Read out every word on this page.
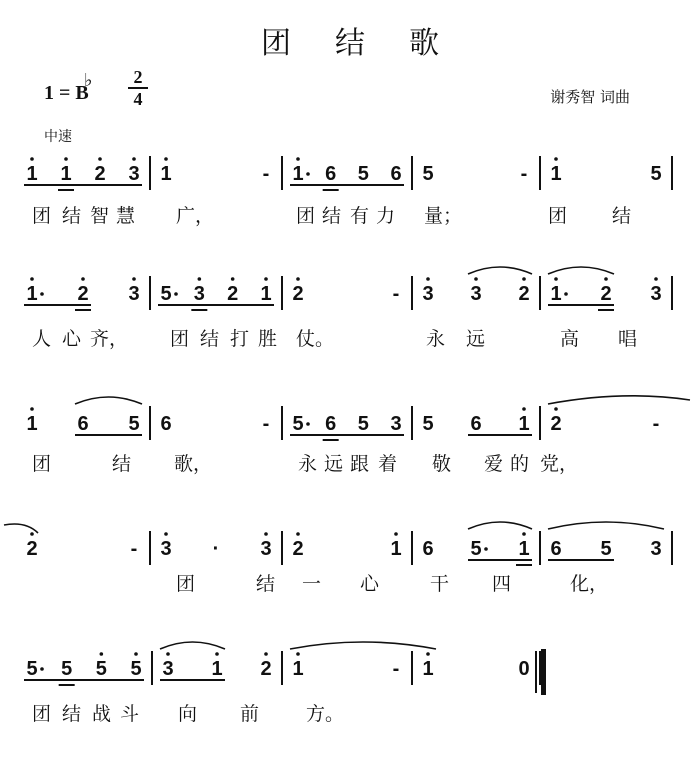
团结歌
1 = B
♭	2
4	谢秀智 词曲
中速
1 1 2 3 1	- 1 6 5 6 5	- 1	5
团 结 智 慧 广，	团 结 有 力 量；	团 结
1 2 3 5 3 2 1 2	- 3 3 2 1 2 3
人 心 齐， 团 结 打 胜 仗。	永 远	高 唱
1 6 5 6	- 5 6 5 3 5 6 1 2	-
团	结 歌，	永 远 跟 着 敬 爱 的 党，
2	- 3 · 3 2	1 6 5 1 6 5 3
团	结 一 心	干 四	化，
5 5 5 5 3 1 2 1	- 1	0
团 结 战 斗 向 前 方。
